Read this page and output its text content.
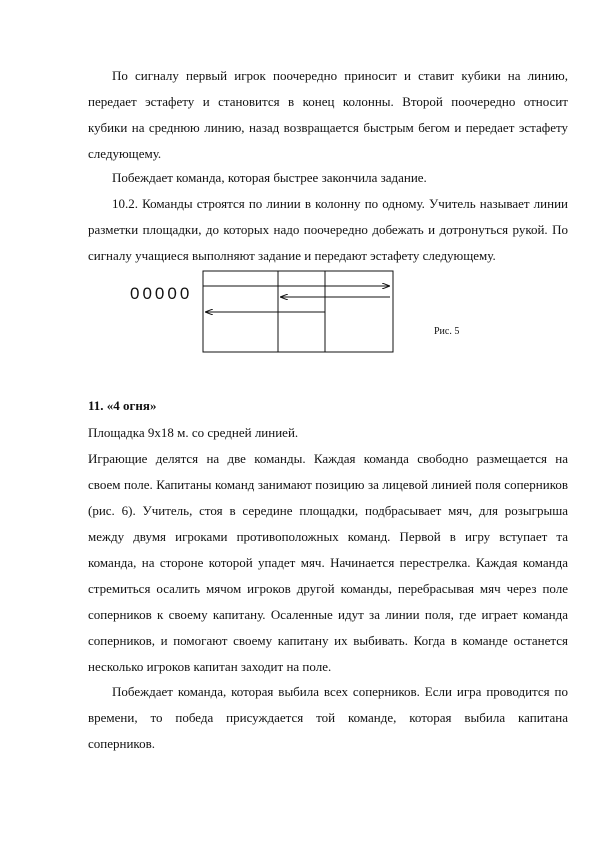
По сигналу первый игрок поочередно приносит и ставит кубики на линию,
передает эстафету и становится в конец колонны. Второй поочередно относит
кубики на среднюю линию, назад возвращается быстрым бегом и передает эстафету
следующему.
Побеждает команда, которая быстрее закончила задание.
10.2. Команды строятся по линии в колонну по одному. Учитель называет линии
разметки площадки, до которых надо поочередно добежать и дотронуться рукой. По
сигналу учащиеся выполняют задание и передают эстафету следующему.
00000
Рис. 5
11. «4 огня»
Площадка 9х18 м. со средней линией.
Играющие делятся на две команды. Каждая команда свободно размещается на
своем поле. Капитаны команд занимают позицию за лицевой линией поля соперников
(рис. 6). Учитель, стоя в середине площадки, подбрасывает мяч, для розыгрыша
между двумя игроками противоположных команд. Первой в игру вступает та
команда, на стороне которой упадет мяч. Начинается перестрелка. Каждая команда
стремиться осалить мячом игроков другой команды, перебрасывая мяч через поле
соперников к своему капитану. Осаленные идут за линии поля, где играет команда
соперников, и помогают своему капитану их выбивать. Когда в команде останется
несколько игроков капитан заходит на поле.
Побеждает команда, которая выбила всех соперников. Если игра проводится по
времени, то победа присуждается той команде, которая выбила капитана
соперников.
